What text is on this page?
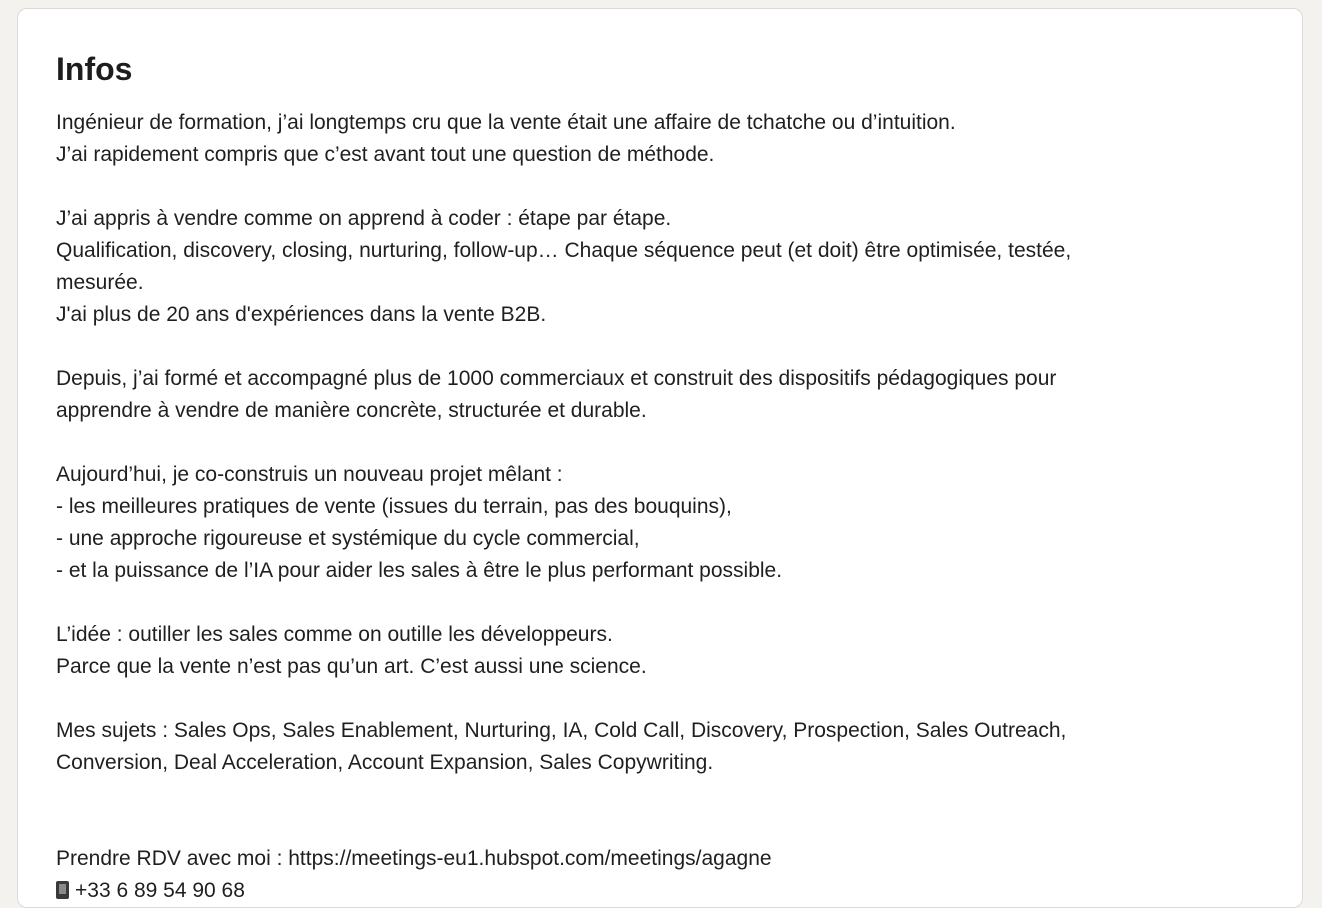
Infos
Ingénieur de formation, j’ai longtemps cru que la vente était une affaire de tchatche ou d’intuition.
J’ai rapidement compris que c’est avant tout une question de méthode.
J’ai appris à vendre comme on apprend à coder : étape par étape.
Qualification, discovery, closing, nurturing, follow-up… Chaque séquence peut (et doit) être optimisée, testée,
mesurée.
J'ai plus de 20 ans d'expériences dans la vente B2B.
Depuis, j’ai formé et accompagné plus de 1000 commerciaux et construit des dispositifs pédagogiques pour
apprendre à vendre de manière concrète, structurée et durable.
Aujourd’hui, je co-construis un nouveau projet mêlant :
- les meilleures pratiques de vente (issues du terrain, pas des bouquins),
- une approche rigoureuse et systémique du cycle commercial,
- et la puissance de l’IA pour aider les sales à être le plus performant possible.
L’idée : outiller les sales comme on outille les développeurs.
Parce que la vente n’est pas qu’un art. C’est aussi une science.
Mes sujets : Sales Ops, Sales Enablement, Nurturing, IA, Cold Call, Discovery, Prospection, Sales Outreach,
Conversion, Deal Acceleration, Account Expansion, Sales Copywriting.
Prendre RDV avec moi : https://meetings-eu1.hubspot.com/meetings/agagne
+33 6 89 54 90 68
